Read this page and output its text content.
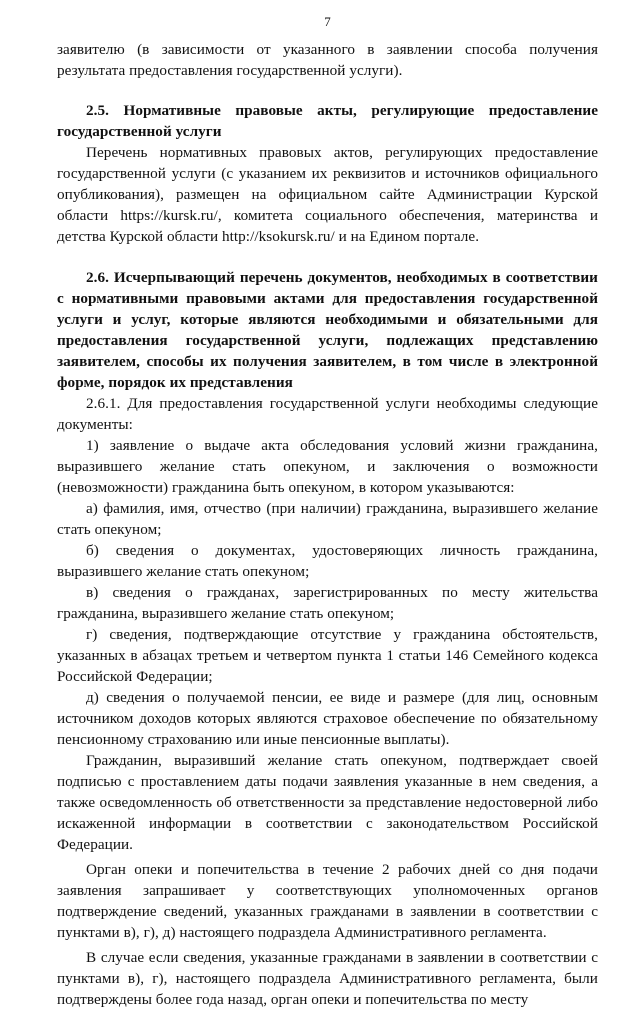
7

заявителю (в зависимости от указанного в заявлении способа получения результата предоставления государственной услуги).

2.5. Нормативные правовые акты, регулирующие предоставление государственной услуги

Перечень нормативных правовых актов, регулирующих предоставление государственной услуги (с указанием их реквизитов и источников официального опубликования), размещен на официальном сайте Администрации Курской области https://kursk.ru/, комитета социального обеспечения, материнства и детства Курской области http://ksokursk.ru/ и на Едином портале.

2.6. Исчерпывающий перечень документов, необходимых в соответствии с нормативными правовыми актами для предоставления государственной услуги и услуг, которые являются необходимыми и обязательными для предоставления государственной услуги, подлежащих представлению заявителем, способы их получения заявителем, в том числе в электронной форме, порядок их представления

2.6.1. Для предоставления государственной услуги необходимы следующие документы:

1) заявление о выдаче акта обследования условий жизни гражданина, выразившего желание стать опекуном, и заключения о возможности (невозможности) гражданина быть опекуном, в котором указываются:

а) фамилия, имя, отчество (при наличии) гражданина, выразившего желание стать опекуном;

б) сведения о документах, удостоверяющих личность гражданина, выразившего желание стать опекуном;

в) сведения о гражданах, зарегистрированных по месту жительства гражданина, выразившего желание стать опекуном;

г) сведения, подтверждающие отсутствие у гражданина обстоятельств, указанных в абзацах третьем и четвертом пункта 1 статьи 146 Семейного кодекса Российской Федерации;

д) сведения о получаемой пенсии, ее виде и размере (для лиц, основным источником доходов которых являются страховое обеспечение по обязательному пенсионному страхованию или иные пенсионные выплаты).

Гражданин, выразивший желание стать опекуном, подтверждает своей подписью с проставлением даты подачи заявления указанные в нем сведения, а также осведомленность об ответственности за представление недостоверной либо искаженной информации в соответствии с законодательством Российской Федерации.

Орган опеки и попечительства в течение 2 рабочих дней со дня подачи заявления запрашивает у соответствующих уполномоченных органов подтверждение сведений, указанных гражданами в заявлении в соответствии с пунктами в), г), д) настоящего подраздела Административного регламента.

В случае если сведения, указанные гражданами в заявлении в соответствии с пунктами в), г), настоящего подраздела Административного регламента, были подтверждены более года назад, орган опеки и попечительства по месту
